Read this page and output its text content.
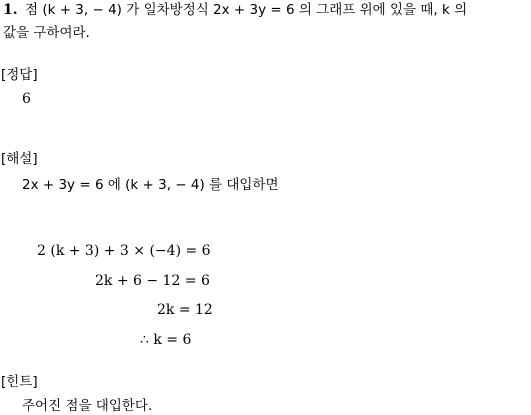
1. 점 (k + 3, − 4) 가 일차방정식 2x + 3y = 6 의 그래프 위에 있을 때, k 의
값을 구하여라.
[정답]
6
[해설]
2x + 3y = 6 에 (k + 3, − 4) 를 대입하면
2 (k + 3) + 3 × (−4) = 6
2k + 6 − 12 = 6
2k = 12
∴ k = 6
[힌트]
주어진 점을 대입한다.
